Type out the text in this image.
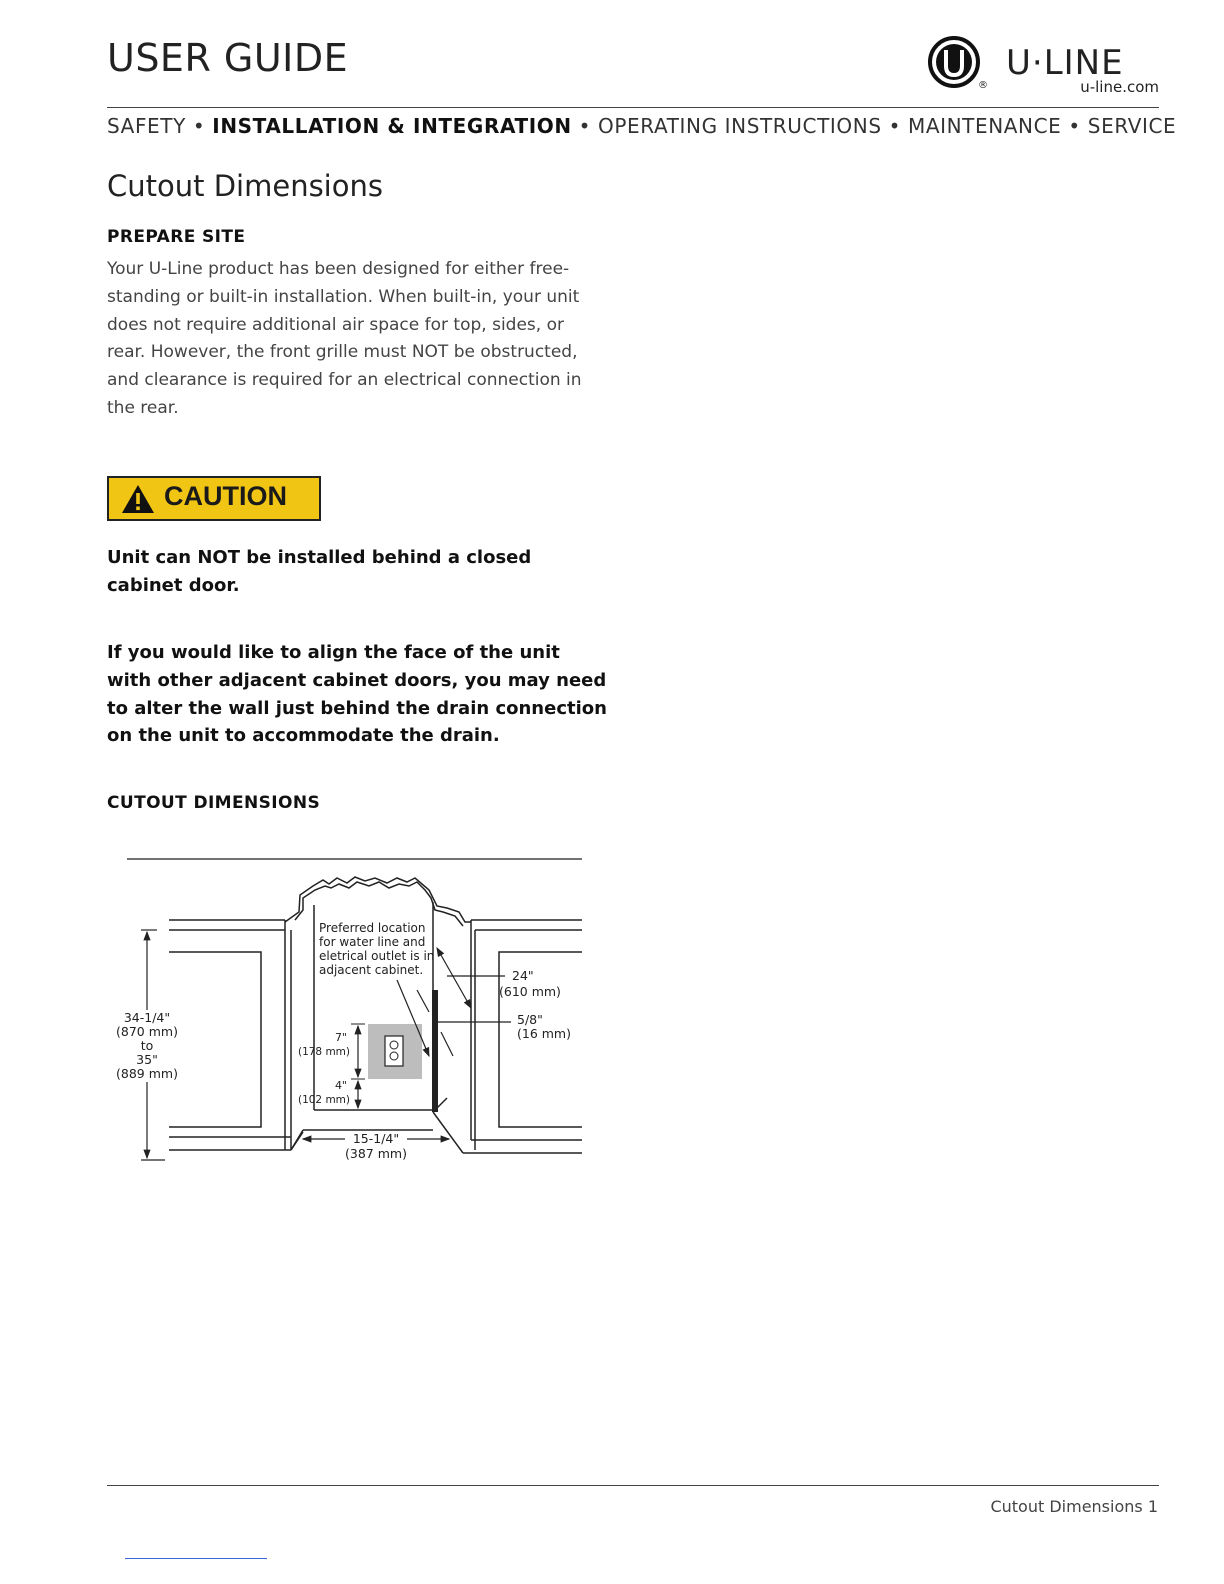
USER GUIDE
®
U·LINE
u-line.com
SAFETY • INSTALLATION & INTEGRATION • OPERATING INSTRUCTIONS • MAINTENANCE • SERVICE
Cutout Dimensions
PREPARE SITE

Your U-Line product has been designed for either free-standing or built-in installation. When built-in, your unit does not require additional air space for top, sides, or rear. However, the front grille must NOT be obstructed, and clearance is required for an electrical connection in the rear.

CAUTION

Unit can NOT be installed behind a closed cabinet door.

If you would like to align the face of the unit with other adjacent cabinet doors, you may need to alter the wall just behind the drain connection on the unit to accommodate the drain.

CUTOUT DIMENSIONS
Preferred location
for water line and
eletrical outlet is in
adjacent cabinet.
34-1/4"
(870 mm)
to
35"
(889 mm)
24"
(610 mm)
5/8"
(16 mm)
7"
(178 mm)
4"
(102 mm)
15-1/4"
(387 mm)
Cutout Dimensions 1
